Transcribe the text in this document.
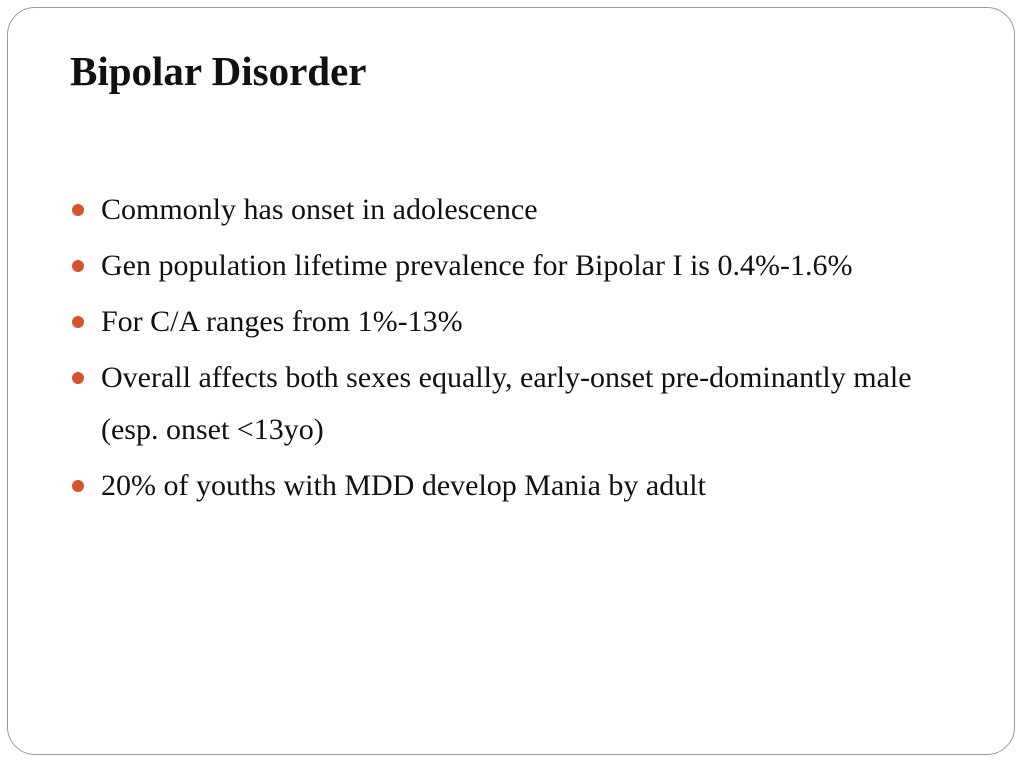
Bipolar Disorder
Commonly has onset in adolescence
Gen population lifetime prevalence for Bipolar I is 0.4%-1.6%
For C/A ranges from 1%-13%
Overall affects both sexes equally, early-onset pre-dominantly male (esp. onset <13yo)
20% of youths with MDD develop Mania by adult
